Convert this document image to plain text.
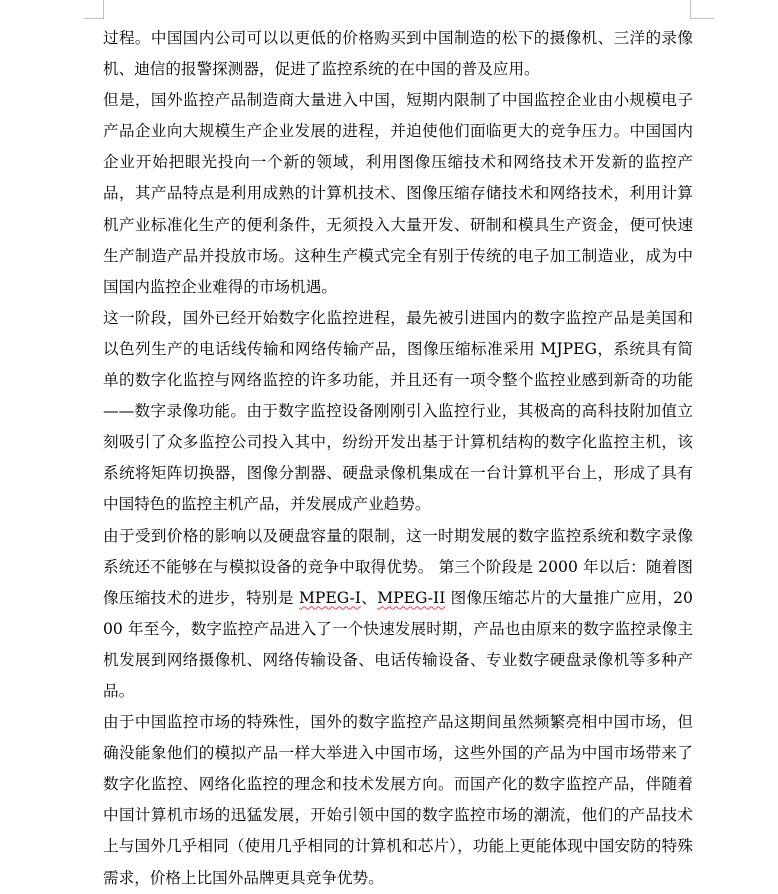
过程。中国国内公司可以以更低的价格购买到中国制造的松下的摄像机、三洋的录像机、迪信的报警探测器，促进了监控系统的在中国的普及应用。

但是，国外监控产品制造商大量进入中国，短期内限制了中国监控企业由小规模电子产品企业向大规模生产企业发展的进程，并迫使他们面临更大的竞争压力。中国国内企业开始把眼光投向一个新的领域，利用图像压缩技术和网络技术开发新的监控产品，其产品特点是利用成熟的计算机技术、图像压缩存储技术和网络技术，利用计算机产业标准化生产的便利条件，无须投入大量开发、研制和模具生产资金，便可快速生产制造产品并投放市场。这种生产模式完全有别于传统的电子加工制造业，成为中国国内监控企业难得的市场机遇。

这一阶段，国外已经开始数字化监控进程，最先被引进国内的数字监控产品是美国和以色列生产的电话线传输和网络传输产品，图像压缩标准采用 MJPEG，系统具有简单的数字化监控与网络监控的许多功能，并且还有一项令整个监控业感到新奇的功能——数字录像功能。由于数字监控设备刚刚引入监控行业，其极高的高科技附加值立刻吸引了众多监控公司投入其中，纷纷开发出基于计算机结构的数字化监控主机，该系统将矩阵切换器，图像分割器、硬盘录像机集成在一台计算机平台上，形成了具有中国特色的监控主机产品，并发展成产业趋势。

由于受到价格的影响以及硬盘容量的限制，这一时期发展的数字监控系统和数字录像系统还不能够在与模拟设备的竞争中取得优势。 第三个阶段是 2000 年以后：随着图像压缩技术的进步，特别是 MPEG-I、MPEG-II 图像压缩芯片的大量推广应用，2000 年至今，数字监控产品进入了一个快速发展时期，产品也由原来的数字监控录像主机发展到网络摄像机、网络传输设备、电话传输设备、专业数字硬盘录像机等多种产品。

由于中国监控市场的特殊性，国外的数字监控产品这期间虽然频繁亮相中国市场，但确没能象他们的模拟产品一样大举进入中国市场，这些外国的产品为中国市场带来了数字化监控、网络化监控的理念和技术发展方向。而国产化的数字监控产品，伴随着中国计算机市场的迅猛发展，开始引领中国的数字监控市场的潮流，他们的产品技术上与国外几乎相同（使用几乎相同的计算机和芯片），功能上更能体现中国安防的特殊需求，价格上比国外品牌更具竞争优势。
